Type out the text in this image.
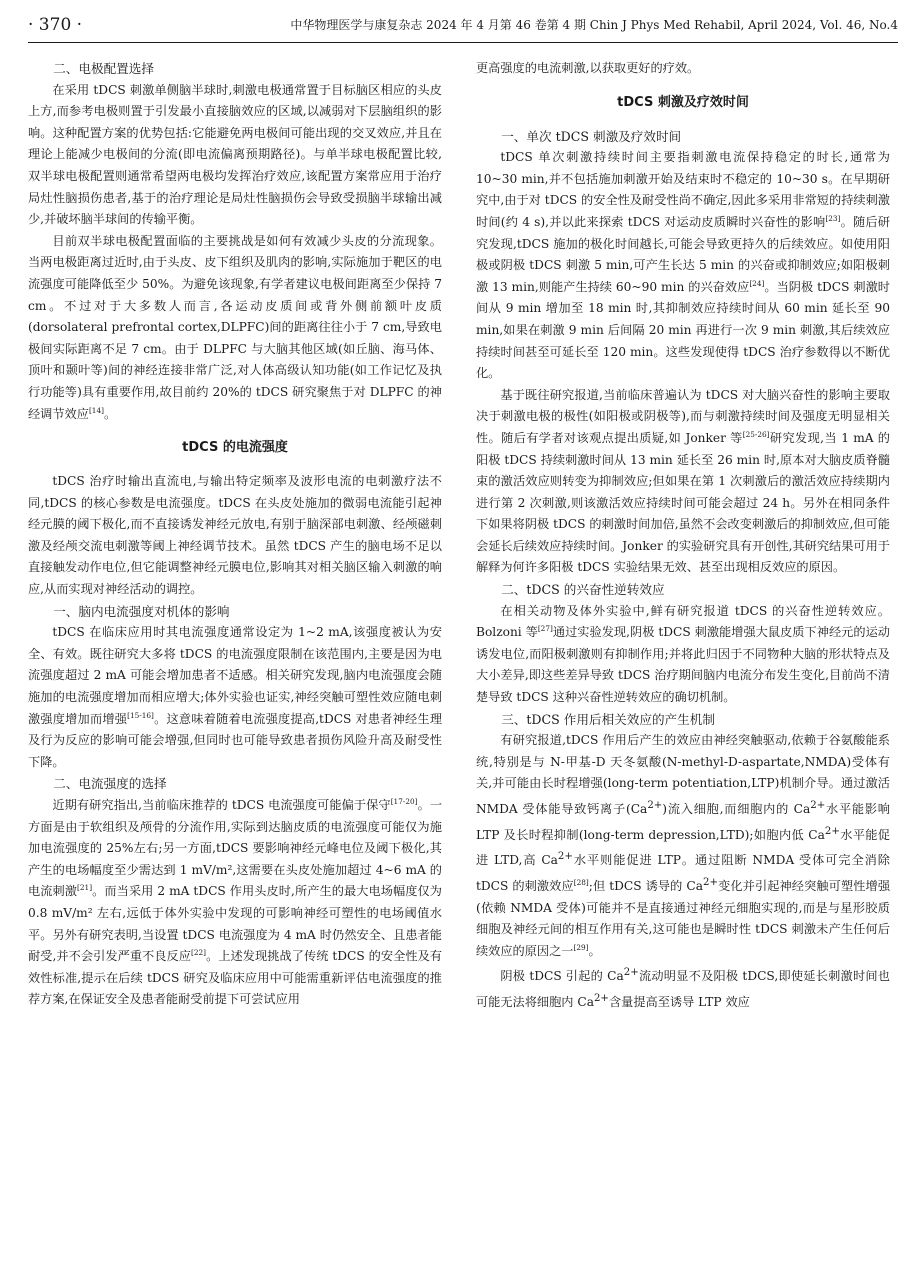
· 370 ·	中华物理医学与康复杂志 2024 年 4 月第 46 卷第 4 期 Chin J Phys Med Rehabil, April 2024, Vol. 46, No.4
二、电极配置选择

在采用 tDCS 刺激单侧脑半球时,刺激电极通常置于目标脑区相应的头皮上方,而参考电极则置于引发最小直接脑效应的区域,以减弱对下层脑组织的影响。这种配置方案的优势包括:它能避免两电极间可能出现的交叉效应,并且在理论上能减少电极间的分流(即电流偏离预期路径)。与单半球电极配置比较,双半球电极配置则通常希望两电极均发挥治疗效应,该配置方案常应用于治疗局灶性脑损伤患者,基于的治疗理论是局灶性脑损伤会导致受损脑半球输出减少,并破坏脑半球间的传输平衡。

目前双半球电极配置面临的主要挑战是如何有效减少头皮的分流现象。当两电极距离过近时,由于头皮、皮下组织及肌肉的影响,实际施加于靶区的电流强度可能降低至少 50%。为避免该现象,有学者建议电极间距离至少保持 7 cm。不过对于大多数人而言,各运动皮质间或背外侧前额叶皮质(dorsolateral prefrontal cortex,DLPFC)间的距离往往小于 7 cm,导致电极间实际距离不足 7 cm。由于 DLPFC 与大脑其他区域(如丘脑、海马体、顶叶和颞叶等)间的神经连接非常广泛,对人体高级认知功能(如工作记忆及执行功能等)具有重要作用,故目前约 20%的 tDCS 研究聚焦于对 DLPFC 的神经调节效应[14]。

tDCS 的电流强度

tDCS 治疗时输出直流电,与输出特定频率及波形电流的电刺激疗法不同,tDCS 的核心参数是电流强度。tDCS 在头皮处施加的微弱电流能引起神经元膜的阈下极化,而不直接诱发神经元放电,有别于脑深部电刺激、经颅磁刺激及经颅交流电刺激等阈上神经调节技术。虽然 tDCS 产生的脑电场不足以直接触发动作电位,但它能调整神经元膜电位,影响其对相关脑区输入刺激的响应,从而实现对神经活动的调控。

一、脑内电流强度对机体的影响

tDCS 在临床应用时其电流强度通常设定为 1~2 mA,该强度被认为安全、有效。既往研究大多将 tDCS 的电流强度限制在该范围内,主要是因为电流强度超过 2 mA 可能会增加患者不适感。相关研究发现,脑内电流强度会随施加的电流强度增加而相应增大;体外实验也证实,神经突触可塑性效应随电刺激强度增加而增强[15-16]。这意味着随着电流强度提高,tDCS 对患者神经生理及行为反应的影响可能会增强,但同时也可能导致患者损伤风险升高及耐受性下降。

二、电流强度的选择

近期有研究指出,当前临床推荐的 tDCS 电流强度可能偏于保守[17-20]。一方面是由于软组织及颅骨的分流作用,实际到达脑皮质的电流强度可能仅为施加电流强度的 25%左右;另一方面,tDCS 要影响神经元峰电位及阈下极化,其产生的电场幅度至少需达到 1 mV/m²,这需要在头皮处施加超过 4~6 mA 的电流刺激[21]。而当采用 2 mA tDCS 作用头皮时,所产生的最大电场幅度仅为 0.8 mV/m² 左右,远低于体外实验中发现的可影响神经可塑性的电场阈值水平。另外有研究表明,当设置 tDCS 电流强度为 4 mA 时仍然安全、且患者能耐受,并不会引发严重不良反应[22]。上述发现挑战了传统 tDCS 的安全性及有效性标准,提示在后续 tDCS 研究及临床应用中可能需重新评估电流强度的推荐方案,在保证安全及患者能耐受前提下可尝试应用

更高强度的电流刺激,以获取更好的疗效。

tDCS 刺激及疗效时间
一、单次 tDCS 刺激及疗效时间

tDCS 单次刺激持续时间主要指刺激电流保持稳定的时长,通常为 10~30 min,并不包括施加刺激开始及结束时不稳定的 10~30 s。在早期研究中,由于对 tDCS 的安全性及耐受性尚不确定,因此多采用非常短的持续刺激时间(约 4 s),并以此来探索 tDCS 对运动皮质瞬时兴奋性的影响[23]。随后研究发现,tDCS 施加的极化时间越长,可能会导致更持久的后续效应。如使用阳极或阴极 tDCS 刺激 5 min,可产生长达 5 min 的兴奋或抑制效应;如阳极刺激 13 min,则能产生持续 60~90 min 的兴奋效应[24]。当阴极 tDCS 刺激时间从 9 min 增加至 18 min 时,其抑制效应持续时间从 60 min 延长至 90 min,如果在刺激 9 min 后间隔 20 min 再进行一次 9 min 刺激,其后续效应持续时间甚至可延长至 120 min。这些发现使得 tDCS 治疗参数得以不断优化。

基于既往研究报道,当前临床普遍认为 tDCS 对大脑兴奋性的影响主要取决于刺激电极的极性(如阳极或阴极等),而与刺激持续时间及强度无明显相关性。随后有学者对该观点提出质疑,如 Jonker 等[25-26]研究发现,当 1 mA 的阳极 tDCS 持续刺激时间从 13 min 延长至 26 min 时,原本对大脑皮质脊髓束的激活效应则转变为抑制效应;但如果在第 1 次刺激后的激活效应持续期内进行第 2 次刺激,则该激活效应持续时间可能会超过 24 h。另外在相同条件下如果将阴极 tDCS 的刺激时间加倍,虽然不会改变刺激后的抑制效应,但可能会延长后续效应持续时间。Jonker 的实验研究具有开创性,其研究结果可用于解释为何许多阳极 tDCS 实验结果无效、甚至出现相反效应的原因。

二、tDCS 的兴奋性逆转效应

在相关动物及体外实验中,鲜有研究报道 tDCS 的兴奋性逆转效应。Bolzoni 等[27]通过实验发现,阴极 tDCS 刺激能增强大鼠皮质下神经元的运动诱发电位,而阳极刺激则有抑制作用;并将此归因于不同物种大脑的形状特点及大小差异,即这些差异导致 tDCS 治疗期间脑内电流分布发生变化,目前尚不清楚导致 tDCS 这种兴奋性逆转效应的确切机制。

三、tDCS 作用后相关效应的产生机制

有研究报道,tDCS 作用后产生的效应由神经突触驱动,依赖于谷氨酸能系统,特别是与 N-甲基-D 天冬氨酸(N-methyl-D-aspartate,NMDA)受体有关,并可能由长时程增强(long-term potentiation,LTP)机制介导。通过激活 NMDA 受体能导致钙离子$(Ca^{2+})$流入细胞,而细胞内的 $Ca^{2+}$水平能影响 LTP 及长时程抑制(long-term depression,LTD);如胞内低 $Ca^{2+}$水平能促进 LTD,高 $Ca^{2+}$水平则能促进 LTP。通过阻断 NMDA 受体可完全消除 tDCS 的刺激效应[28];但 tDCS 诱导的 $Ca^{2+}$变化并引起神经突触可塑性增强(依赖 NMDA 受体)可能并不是直接通过神经元细胞实现的,而是与星形胶质细胞及神经元间的相互作用有关,这可能也是瞬时性 tDCS 刺激未产生任何后续效应的原因之一[29]。

阴极 tDCS 引起的 $Ca^{2+}$流动明显不及阳极 tDCS,即使延长刺激时间也可能无法将细胞内 $Ca^{2+}$含量提高至诱导 LTP 效应
